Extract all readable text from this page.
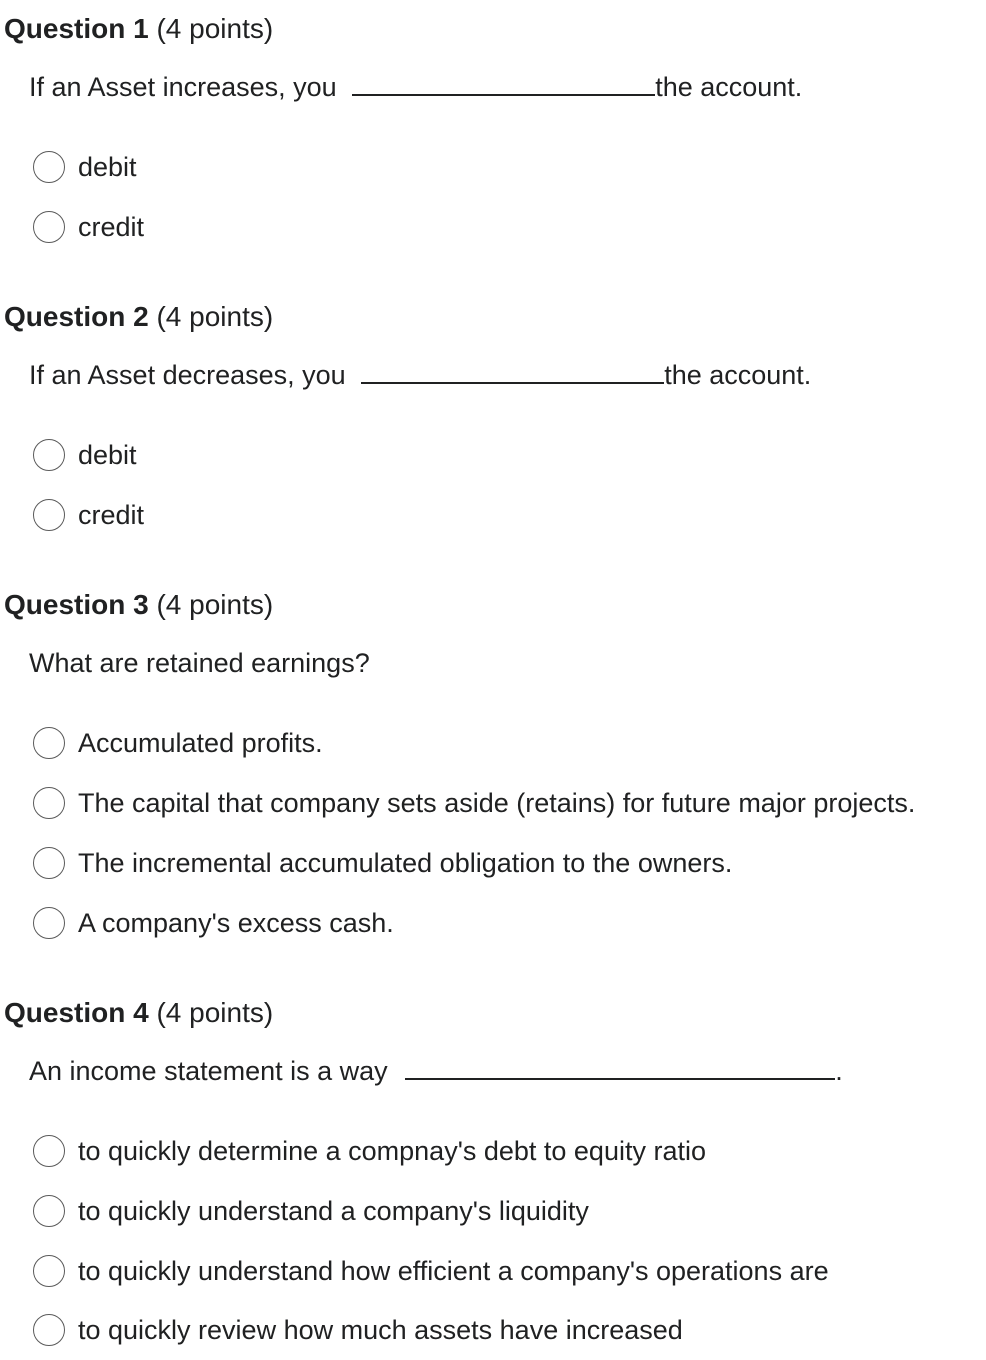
Question 1 (4 points)
If an Asset increases, you	the account.
debit
credit
Question 2 (4 points)
If an Asset decreases, you	the account.
debit
credit
Question 3 (4 points)
What are retained earnings?
Accumulated profits.
The capital that company sets aside (retains) for future major projects.
The incremental accumulated obligation to the owners.
A company's excess cash.
Question 4 (4 points)
An income statement is a way	.
to quickly determine a compnay's debt to equity ratio
to quickly understand a company's liquidity
to quickly understand how efficient a company's operations are
to quickly review how much assets have increased
